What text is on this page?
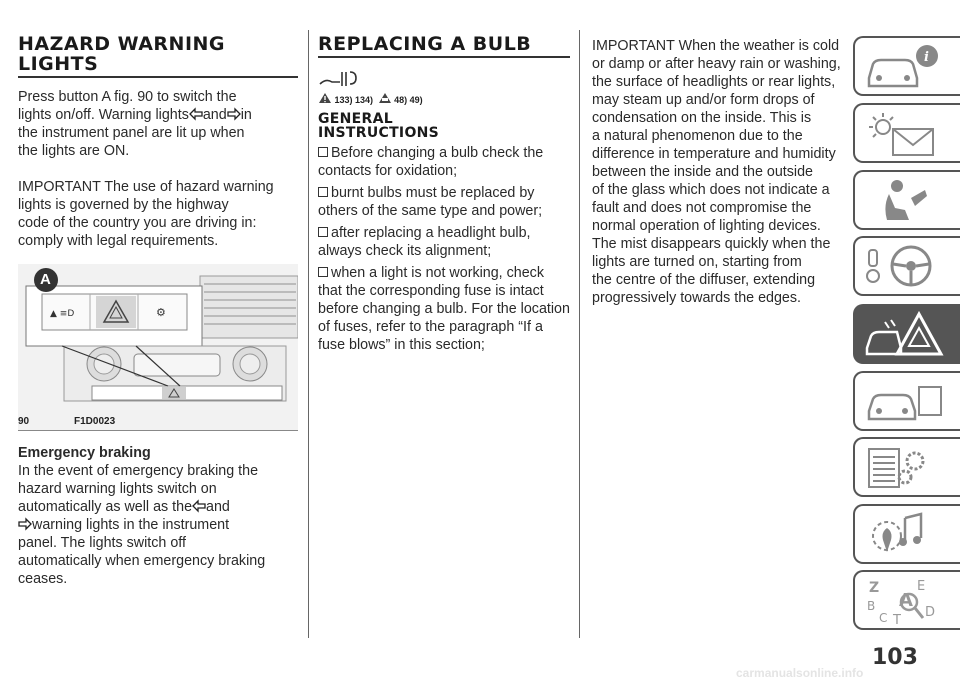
HAZARD WARNING
LIGHTS

Press button A fig. 90 to switch the

lights on/off. Warning lights and in

the instrument panel are lit up when

the lights are ON.

IMPORTANT The use of hazard warning

lights is governed by the highway

code of the country you are driving in:

comply with legal requirements.

▲ ≡D	⚙
A
90	F1D0023

Emergency braking

In the event of emergency braking the

hazard warning lights switch on

automatically as well as the and

warning lights in the instrument

panel. The lights switch off

automatically when emergency braking

ceases.

REPLACING A BULB
133) 134) 48) 49)
GENERAL
INSTRUCTIONS

Before changing a bulb check the

contacts for oxidation;

burnt bulbs must be replaced by

others of the same type and power;

after replacing a headlight bulb,

always check its alignment;

when a light is not working, check

that the corresponding fuse is intact

before changing a bulb. For the location

of fuses, refer to the paragraph “If a

fuse blows” in this section;

IMPORTANT When the weather is cold

or damp or after heavy rain or washing,

the surface of headlights or rear lights,

may steam up and/or form drops of

condensation on the inside. This is

a natural phenomenon due to the

difference in temperature and humidity

between the inside and the outside

of the glass which does not indicate a

fault and does not compromise the

normal operation of lighting devices.

The mist disappears quickly when the

lights are turned on, starting from

the centre of the diffuser, extending

progressively towards the edges.

i
Z	E
A
B	D
C T
103
carmanualsonline.info
